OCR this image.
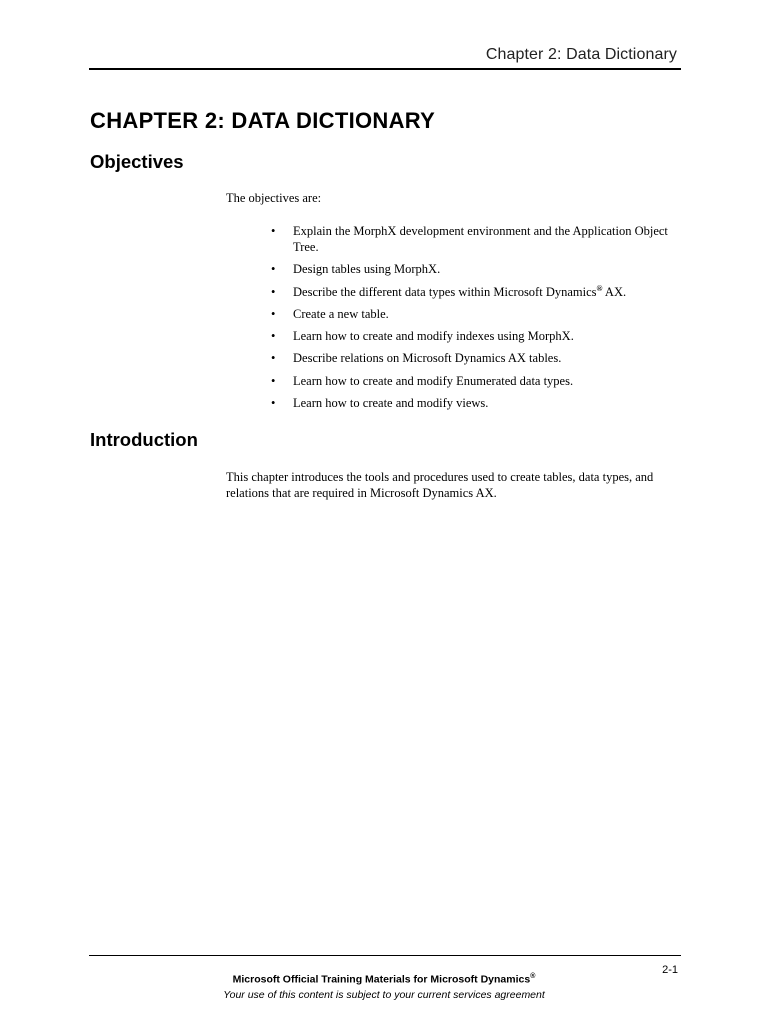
Chapter 2: Data Dictionary
CHAPTER 2: DATA DICTIONARY
Objectives
The objectives are:
• Explain the MorphX development environment and the Application Object Tree.
• Design tables using MorphX.
• Describe the different data types within Microsoft Dynamics® AX.
• Create a new table.
• Learn how to create and modify indexes using MorphX.
• Describe relations on Microsoft Dynamics AX tables.
• Learn how to create and modify Enumerated data types.
• Learn how to create and modify views.
Introduction
This chapter introduces the tools and procedures used to create tables, data types, and relations that are required in Microsoft Dynamics AX.
2-1
Microsoft Official Training Materials for Microsoft Dynamics®
Your use of this content is subject to your current services agreement
